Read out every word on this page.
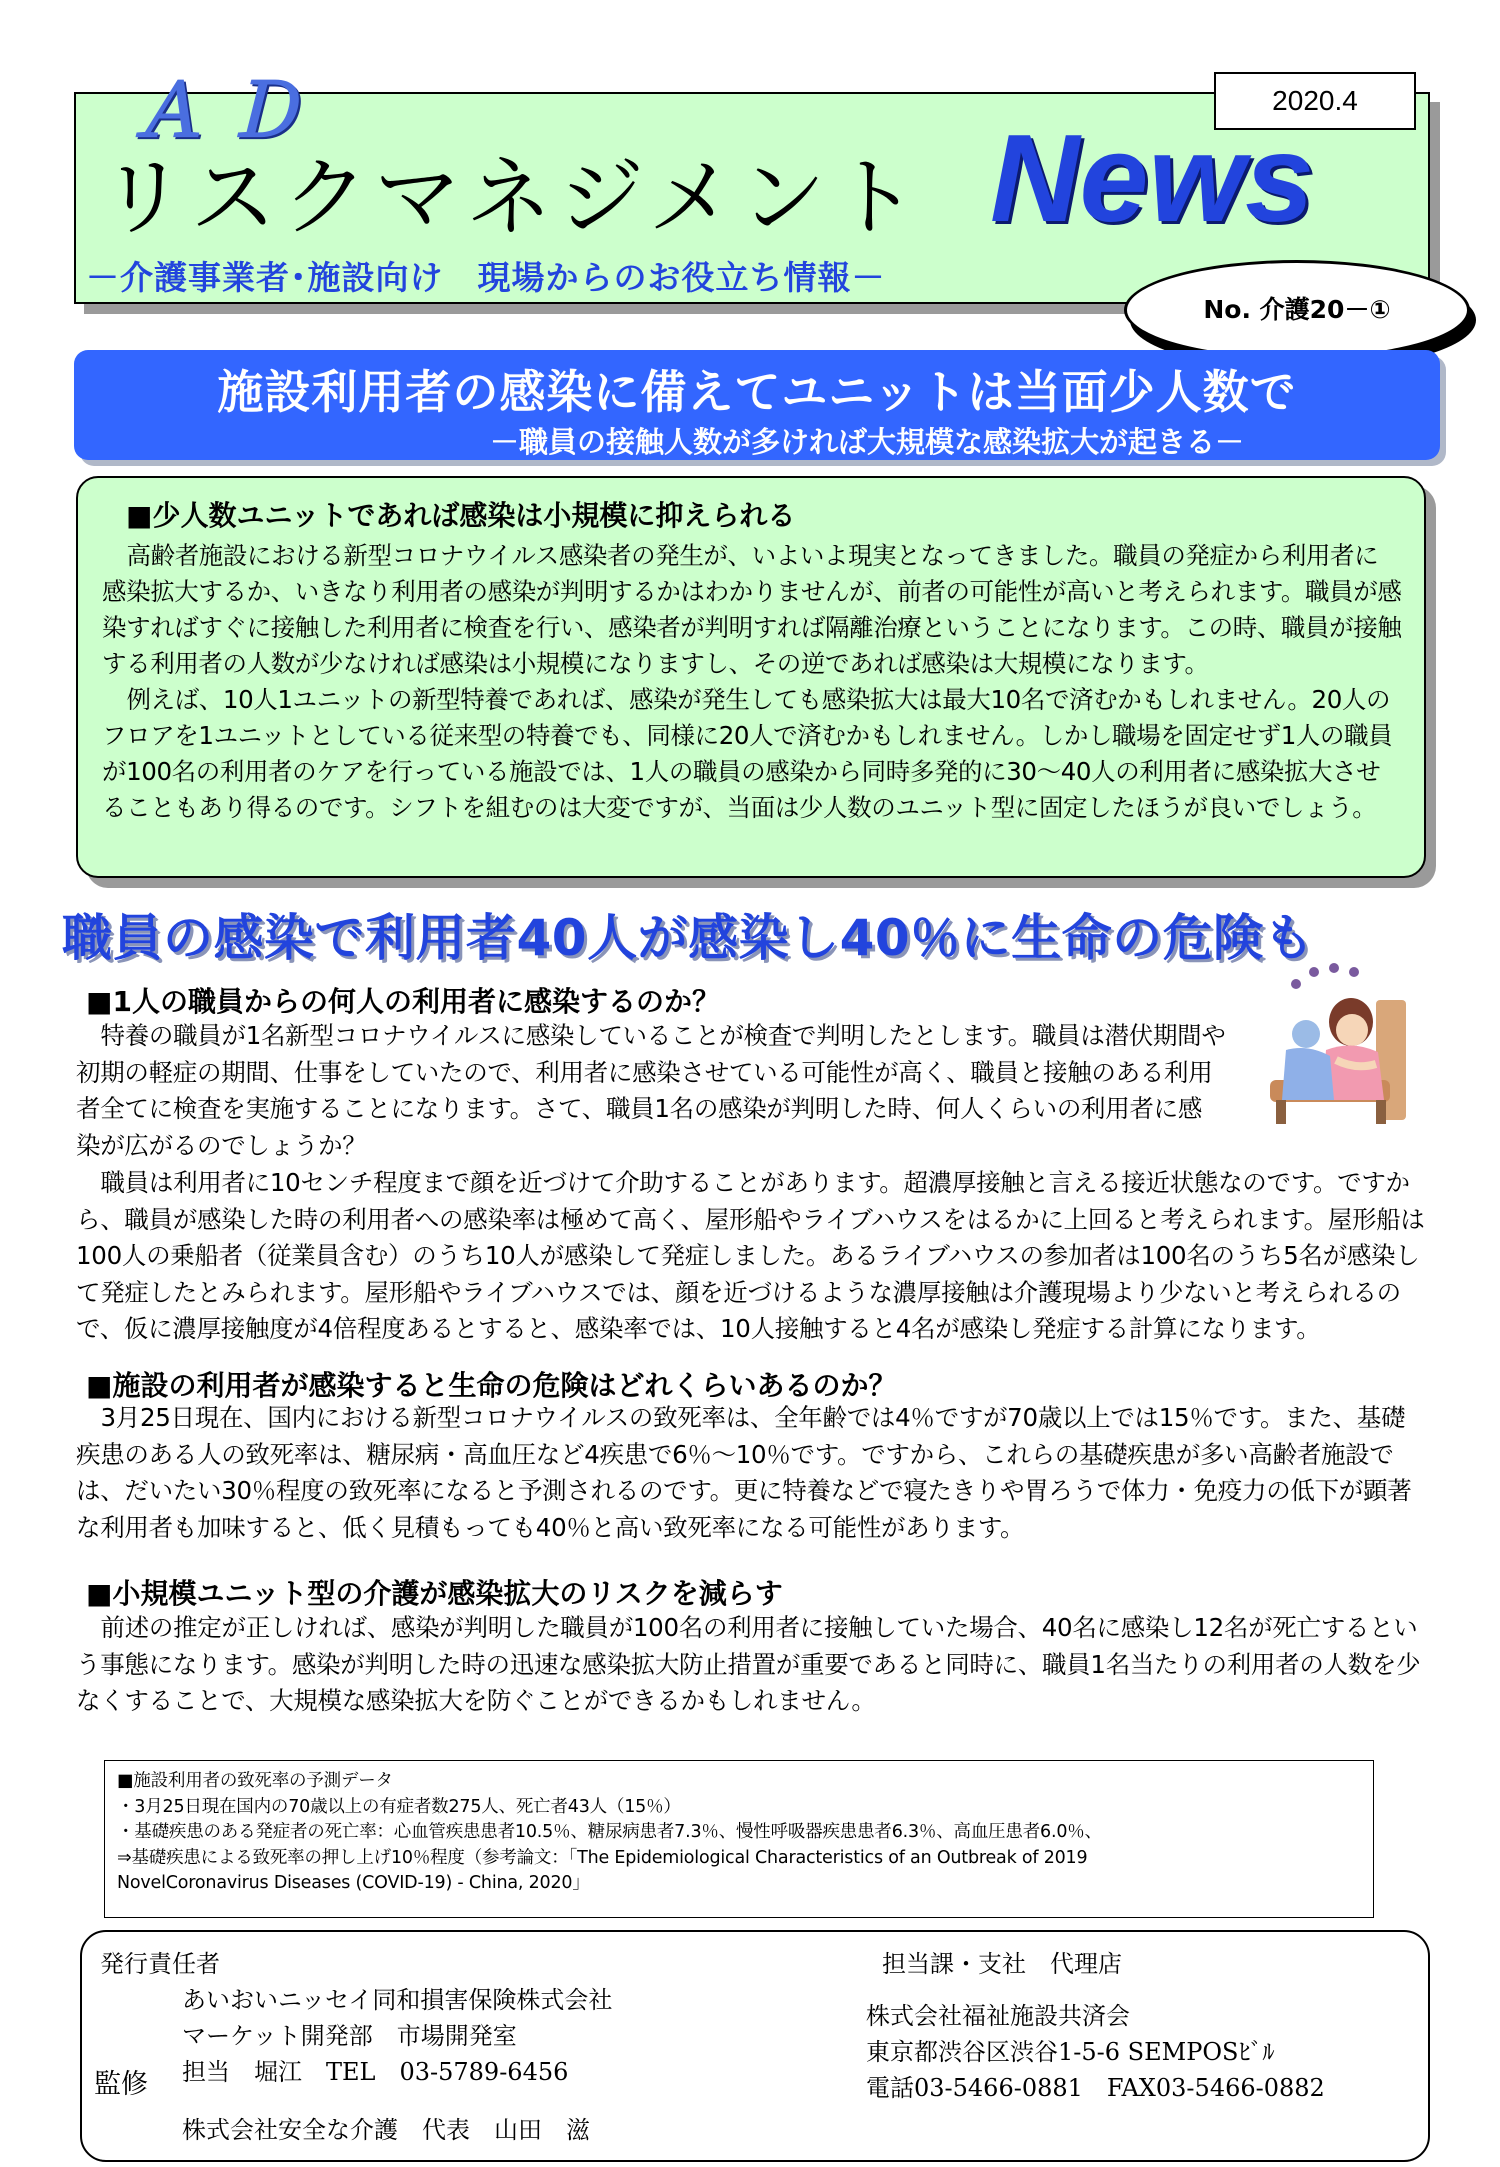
ＡＤ	2020.4
リスクマネジメント News
－介護事業者･施設向け　現場からのお役立ち情報－
No. 介護20－①
施設利用者の感染に備えてユニットは当面少人数で
－職員の接触人数が多ければ大規模な感染拡大が起きる－
■少人数ユニットであれば感染は小規模に抑えられる

高齢者施設における新型コロナウイルス感染者の発生が、いよいよ現実となってきました。職員の発症から利用者に感染拡大するか、いきなり利用者の感染が判明するかはわかりませんが、前者の可能性が高いと考えられます。職員が感染すればすぐに接触した利用者に検査を行い、感染者が判明すれば隔離治療ということになります。この時、職員が接触する利用者の人数が少なければ感染は小規模になりますし、その逆であれば感染は大規模になります。

例えば、10人1ユニットの新型特養であれば、感染が発生しても感染拡大は最大10名で済むかもしれません。20人のフロアを1ユニットとしている従来型の特養でも、同様に20人で済むかもしれません。しかし職場を固定せず1人の職員が100名の利用者のケアを行っている施設では、1人の職員の感染から同時多発的に30～40人の利用者に感染拡大させることもあり得るのです。シフトを組むのは大変ですが、当面は少人数のユニット型に固定したほうが良いでしょう。

職員の感染で利用者40人が感染し40％に生命の危険も
■1人の職員からの何人の利用者に感染するのか？

特養の職員が1名新型コロナウイルスに感染していることが検査で判明したとします。職員は潜伏期間や初期の軽症の期間、仕事をしていたので、利用者に感染させている可能性が高く、職員と接触のある利用者全てに検査を実施することになります。さて、職員1名の感染が判明した時、何人くらいの利用者に感染が広がるのでしょうか？

職員は利用者に10センチ程度まで顔を近づけて介助することがあります。超濃厚接触と言える接近状態なのです。ですから、職員が感染した時の利用者への感染率は極めて高く、屋形船やライブハウスをはるかに上回ると考えられます。屋形船は100人の乗船者（従業員含む）のうち10人が感染して発症しました。あるライブハウスの参加者は100名のうち5名が感染して発症したとみられます。屋形船やライブハウスでは、顔を近づけるような濃厚接触は介護現場より少ないと考えられるので、仮に濃厚接触度が4倍程度あるとすると、感染率では、10人接触すると4名が感染し発症する計算になります。

■施設の利用者が感染すると生命の危険はどれくらいあるのか？

3月25日現在、国内における新型コロナウイルスの致死率は、全年齢では4％ですが70歳以上では15％です。また、基礎疾患のある人の致死率は、糖尿病・高血圧など4疾患で6％～10％です。ですから、これらの基礎疾患が多い高齢者施設では、だいたい30％程度の致死率になると予測されるのです。更に特養などで寝たきりや胃ろうで体力・免疫力の低下が顕著な利用者も加味すると、低く見積もっても40％と高い致死率になる可能性があります。

■小規模ユニット型の介護が感染拡大のリスクを減らす

前述の推定が正しければ、感染が判明した職員が100名の利用者に接触していた場合、40名に感染し12名が死亡するという事態になります。感染が判明した時の迅速な感染拡大防止措置が重要であると同時に、職員1名当たりの利用者の人数を少なくすることで、大規模な感染拡大を防ぐことができるかもしれません。

■施設利用者の致死率の予測データ
・3月25日現在国内の70歳以上の有症者数275人、死亡者43人（15％）
・基礎疾患のある発症者の死亡率：心血管疾患患者10.5％、糖尿病患者7.3％、慢性呼吸器疾患患者6.3％、高血圧患者6.0％、
⇒基礎疾患による致死率の押し上げ10％程度（参考論文：「The Epidemiological Characteristics of an Outbreak of 2019
NovelCoronavirus Diseases (COVID-19) - China, 2020」
発行責任者
あいおいニッセイ同和損害保険株式会社
マーケット開発部　市場開発室
監修 担当　堀江　TEL　03-5789-6456
株式会社安全な介護　代表　山田　滋
担当課・支社　代理店
株式会社福祉施設共済会
東京都渋谷区渋谷1-5-6 SEMPOSﾋﾞﾙ
電話03-5466-0881　FAX03-5466-0882
